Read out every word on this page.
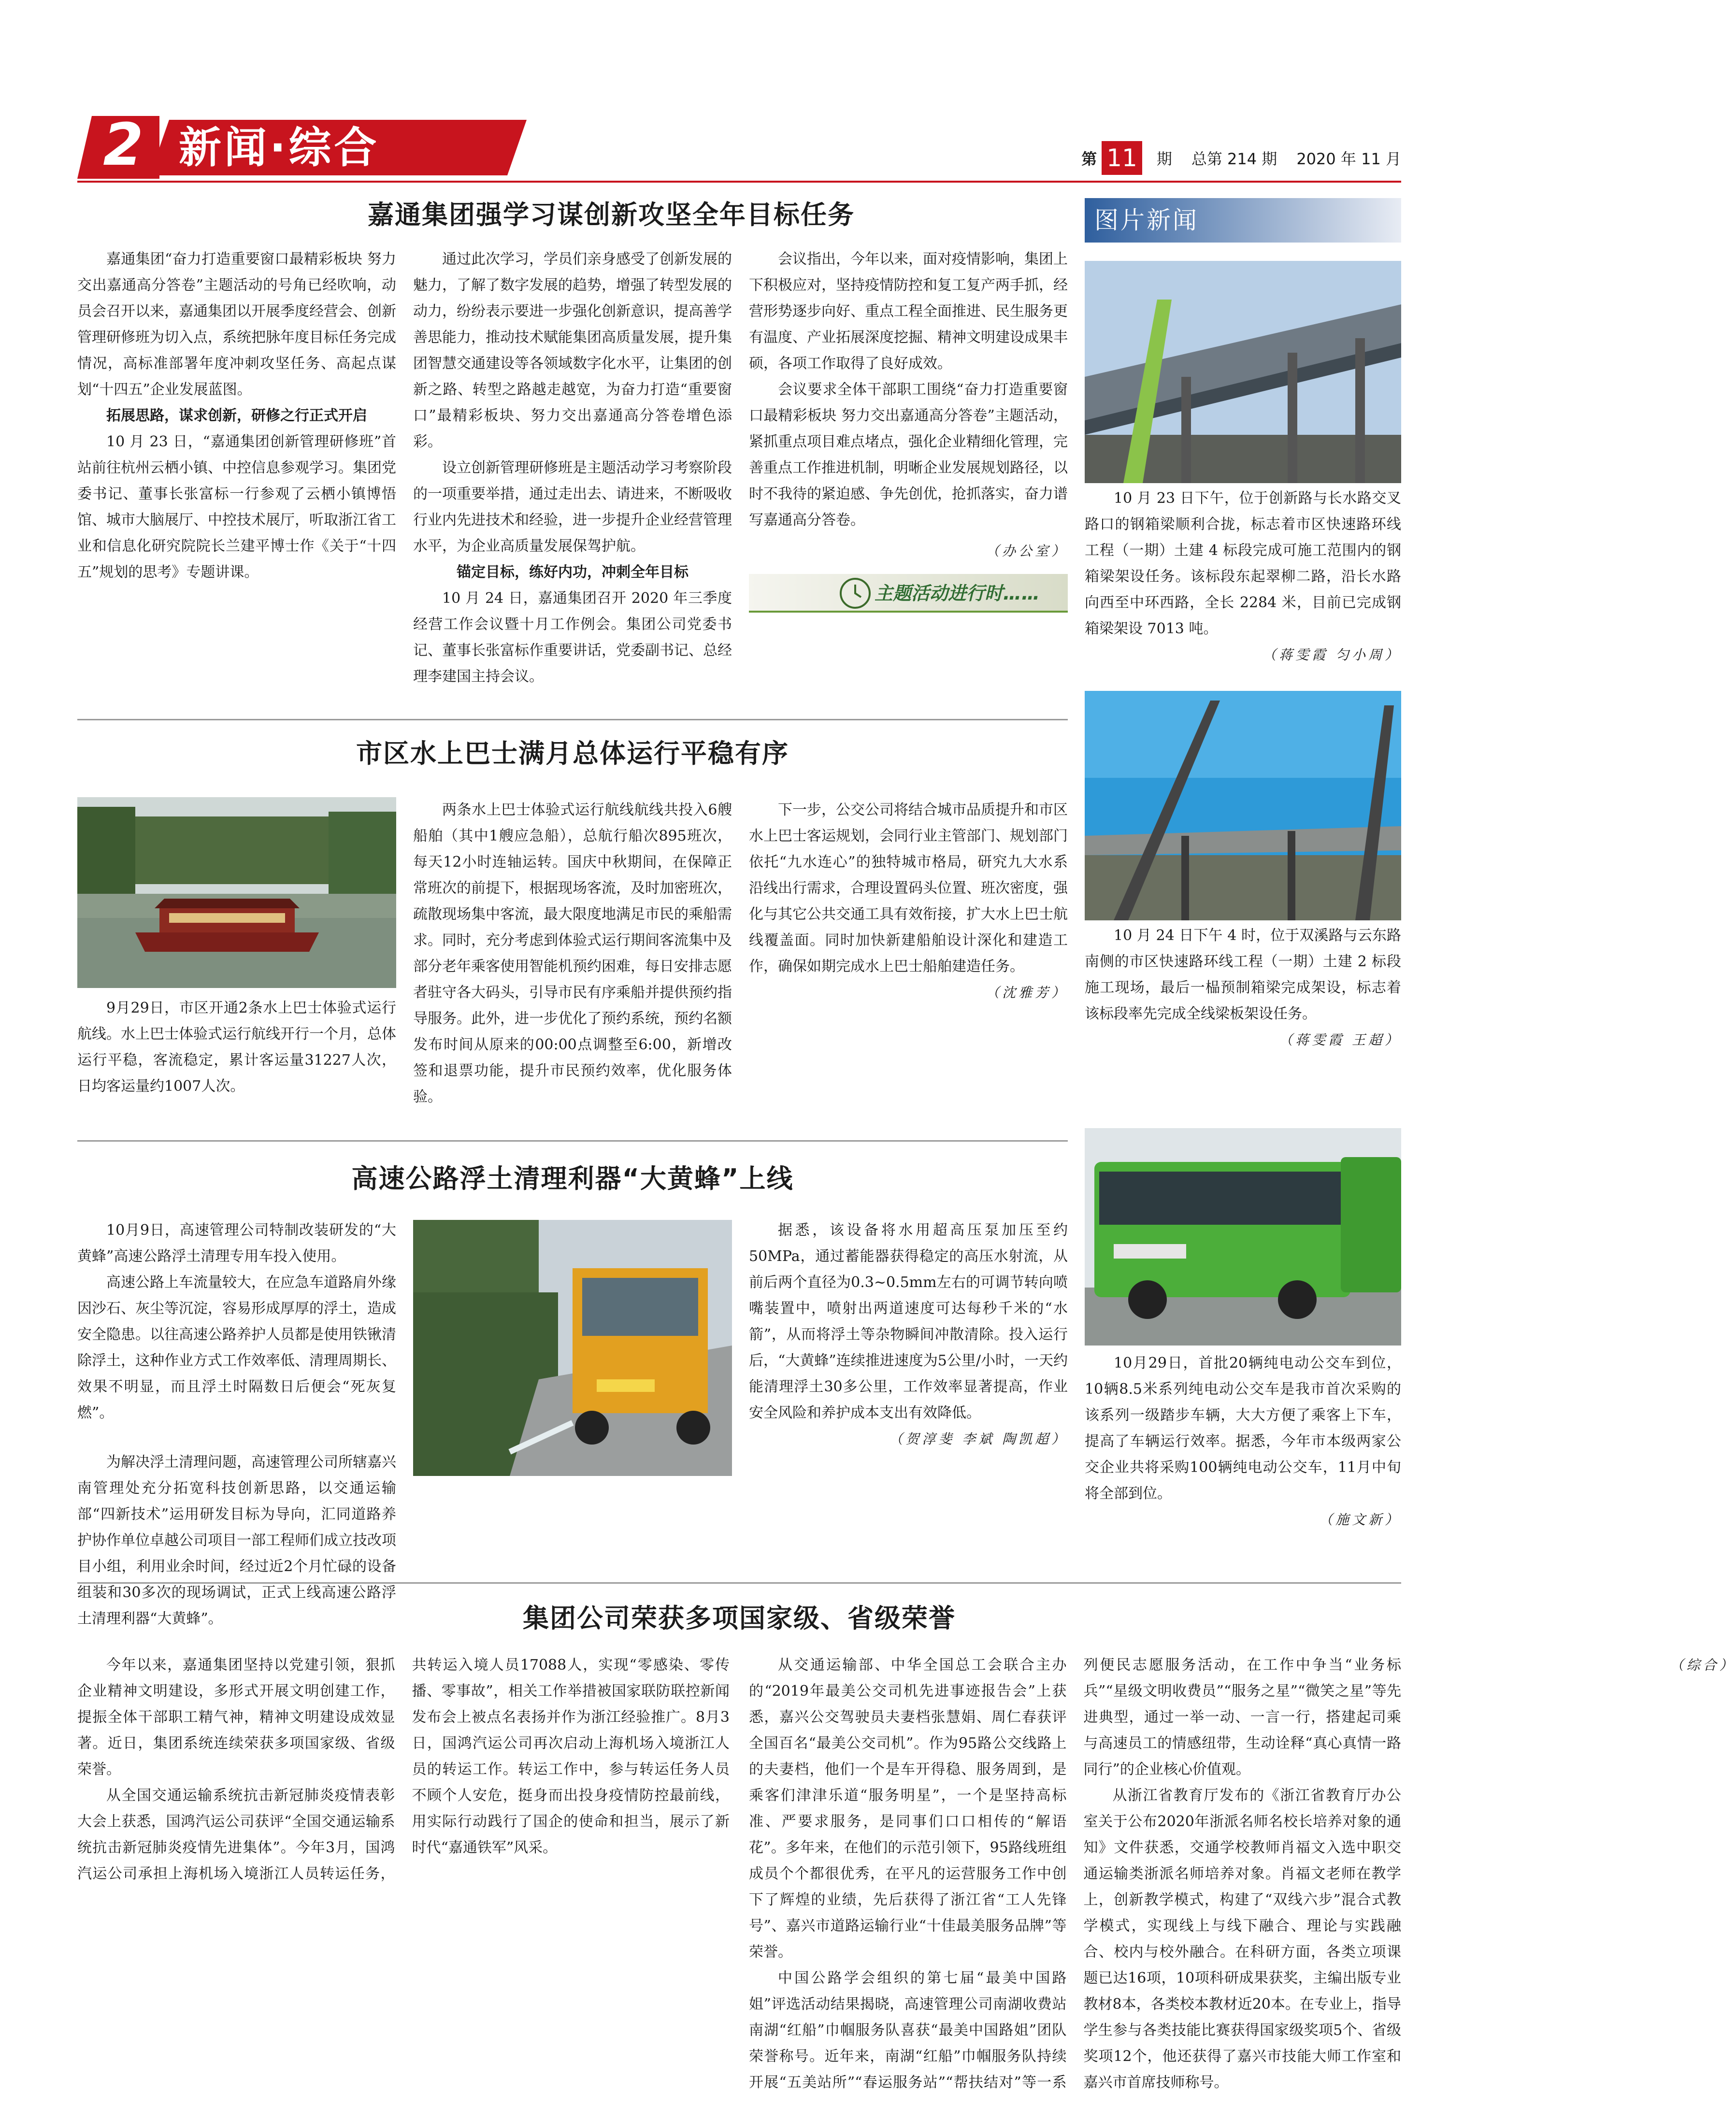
2 新闻·综合	第 11	期 总第 214 期 2020 年 11 月
嘉通集团强学习谋创新攻坚全年目标任务

嘉通集团“奋力打造重要窗口最精彩板块 努力交出嘉通高分答卷”主题活动的号角已经吹响，动员会召开以来，嘉通集团以开展季度经营会、创新管理研修班为切入点，系统把脉年度目标任务完成情况，高标准部署年度冲刺攻坚任务、高起点谋划“十四五”企业发展蓝图。

拓展思路，谋求创新，研修之行正式开启

10 月 23 日，“嘉通集团创新管理研修班”首站前往杭州云栖小镇、中控信息参观学习。集团党委书记、董事长张富标一行参观了云栖小镇博悟馆、城市大脑展厅、中控技术展厅，听取浙江省工业和信息化研究院院长兰建平博士作《关于“十四五”规划的思考》专题讲课。

通过此次学习，学员们亲身感受了创新发展的魅力，了解了数字发展的趋势，增强了转型发展的动力，纷纷表示要进一步强化创新意识，提高善学善思能力，推动技术赋能集团高质量发展，提升集团智慧交通建设等各领域数字化水平，让集团的创新之路、转型之路越走越宽，为奋力打造“重要窗口”最精彩板块、努力交出嘉通高分答卷增色添彩。

设立创新管理研修班是主题活动学习考察阶段的一项重要举措，通过走出去、请进来，不断吸收行业内先进技术和经验，进一步提升企业经营管理水平，为企业高质量发展保驾护航。

锚定目标，练好内功，冲刺全年目标

10 月 24 日，嘉通集团召开 2020 年三季度经营工作会议暨十月工作例会。集团公司党委书记、董事长张富标作重要讲话，党委副书记、总经理李建国主持会议。

会议指出，今年以来，面对疫情影响，集团上下积极应对，坚持疫情防控和复工复产两手抓，经营形势逐步向好、重点工程全面推进、民生服务更有温度、产业拓展深度挖掘、精神文明建设成果丰硕，各项工作取得了良好成效。

会议要求全体干部职工围绕“奋力打造重要窗口最精彩板块 努力交出嘉通高分答卷”主题活动，紧抓重点项目难点堵点，强化企业精细化管理，完善重点工作推进机制，明晰企业发展规划路径，以时不我待的紧迫感、争先创优，抢抓落实，奋力谱写嘉通高分答卷。

（办公室）

主题活动进行时……
市区水上巴士满月总体运行平稳有序

9月29日，市区开通2条水上巴士体验式运行航线。水上巴士体验式运行航线开行一个月，总体运行平稳，客流稳定，累计客运量31227人次，日均客运量约1007人次。

两条水上巴士体验式运行航线航线共投入6艘船舶（其中1艘应急船），总航行船次895班次，每天12小时连轴运转。国庆中秋期间，在保障正常班次的前提下，根据现场客流，及时加密班次，疏散现场集中客流，最大限度地满足市民的乘船需求。同时，充分考虑到体验式运行期间客流集中及部分老年乘客使用智能机预约困难，每日安排志愿者驻守各大码头，引导市民有序乘船并提供预约指导服务。此外，进一步优化了预约系统，预约名额发布时间从原来的00:00点调整至6:00，新增改签和退票功能，提升市民预约效率，优化服务体验。

下一步，公交公司将结合城市品质提升和市区水上巴士客运规划，会同行业主管部门、规划部门依托“九水连心”的独特城市格局，研究九大水系沿线出行需求，合理设置码头位置、班次密度，强化与其它公共交通工具有效衔接，扩大水上巴士航线覆盖面。同时加快新建船舶设计深化和建造工作，确保如期完成水上巴士船舶建造任务。

（沈雅芳）

高速公路浮土清理利器“大黄蜂”上线

10月9日，高速管理公司特制改装研发的“大黄蜂”高速公路浮土清理专用车投入使用。

高速公路上车流量较大，在应急车道路肩外缘因沙石、灰尘等沉淀，容易形成厚厚的浮土，造成安全隐患。以往高速公路养护人员都是使用铁锹清除浮土，这种作业方式工作效率低、清理周期长、效果不明显，而且浮土时隔数日后便会“死灰复燃”。

据悉，该设备将水用超高压泵加压至约50MPa，通过蓄能器获得稳定的高压水射流，从前后两个直径为0.3~0.5mm左右的可调节转向喷嘴装置中，喷射出两道速度可达每秒千米的“水箭”，从而将浮土等杂物瞬间冲散清除。投入运行后，“大黄蜂”连续推进速度为5公里/小时，一天约能清理浮土30多公里，工作效率显著提高，作业安全风险和养护成本支出有效降低。

（贺淳斐 李斌 陶凯超）

为解决浮土清理问题，高速管理公司所辖嘉兴南管理处充分拓宽科技创新思路，以交通运输部“四新技术”运用研发目标为导向，汇同道路养护协作单位卓越公司项目一部工程师们成立技改项目小组，利用业余时间，经过近2个月忙碌的设备组装和30多次的现场调试，正式上线高速公路浮土清理利器“大黄蜂”。	集团公司荣获多项国家级、省级荣誉

今年以来，嘉通集团坚持以党建引领，狠抓企业精神文明建设，多形式开展文明创建工作，提振全体干部职工精气神，精神文明建设成效显著。近日，集团系统连续荣获多项国家级、省级荣誉。

从全国交通运输系统抗击新冠肺炎疫情表彰大会上获悉，国鸿汽运公司获评“全国交通运输系统抗击新冠肺炎疫情先进集体”。今年3月，国鸿汽运公司承担上海机场入境浙江人员转运任务，共转运入境人员17088人，实现“零感染、零传播、零事故”，相关工作举措被国家联防联控新闻发布会上被点名表扬并作为浙江经验推广。8月3日，国鸿汽运公司再次启动上海机场入境浙江人员的转运工作。转运工作中，参与转运任务人员不顾个人安危，挺身而出投身疫情防控最前线，用实际行动践行了国企的使命和担当，展示了新时代“嘉通铁军”风采。

从交通运输部、中华全国总工会联合主办的“2019年最美公交司机先进事迹报告会”上获悉，嘉兴公交驾驶员夫妻档张慧娟、周仁春获评全国百名“最美公交司机”。作为95路公交线路上的夫妻档，他们一个是车开得稳、服务周到，是乘客们津津乐道“服务明星”，一个是坚持高标准、严要求服务，是同事们口口相传的“解语花”。多年来，在他们的示范引领下，95路线班组成员个个都很优秀，在平凡的运营服务工作中创下了辉煌的业绩，先后获得了浙江省“工人先锋号”、嘉兴市道路运输行业“十佳最美服务品牌”等荣誉。

中国公路学会组织的第七届“最美中国路姐”评选活动结果揭晓，高速管理公司南湖收费站南湖“红船”巾帼服务队喜获“最美中国路姐”团队荣誉称号。近年来，南湖“红船”巾帼服务队持续开展“五美站所”“春运服务站”“帮扶结对”等一系列便民志愿服务活动，在工作中争当“业务标兵”“星级文明收费员”“服务之星”“微笑之星”等先进典型，通过一举一动、一言一行，搭建起司乘与高速员工的情感纽带，生动诠释“真心真情一路同行”的企业核心价值观。

从浙江省教育厅发布的《浙江省教育厅办公室关于公布2020年浙派名师名校长培养对象的通知》文件获悉，交通学校教师肖福文入选中职交通运输类浙派名师培养对象。肖福文老师在教学上，创新教学模式，构建了“双线六步”混合式教学模式，实现线上与线下融合、理论与实践融合、校内与校外融合。在科研方面，各类立项课题已达16项，10项科研成果获奖，主编出版专业教材8本，各类校本教材近20本。在专业上，指导学生参与各类技能比赛获得国家级奖项5个、省级奖项12个，他还获得了嘉兴市技能大师工作室和嘉兴市首席技师称号。

（综合）

图片新闻

10 月 23 日下午，位于创新路与长水路交叉路口的钢箱梁顺利合拢，标志着市区快速路环线工程（一期）土建 4 标段完成可施工范围内的钢箱梁架设任务。该标段东起翠柳二路，沿长水路向西至中环西路，全长 2284 米，目前已完成钢箱梁架设 7013 吨。

（蒋雯霞 匀小周）

10 月 24 日下午 4 时，位于双溪路与云东路南侧的市区快速路环线工程（一期）土建 2 标段施工现场，最后一榀预制箱梁完成架设，标志着该标段率先完成全线梁板架设任务。

（蒋雯霞 王超）

10月29日，首批20辆纯电动公交车到位，10辆8.5米系列纯电动公交车是我市首次采购的该系列一级踏步车辆，大大方便了乘客上下车，提高了车辆运行效率。据悉，今年市本级两家公交企业共将采购100辆纯电动公交车，11月中旬将全部到位。

（施文新）
